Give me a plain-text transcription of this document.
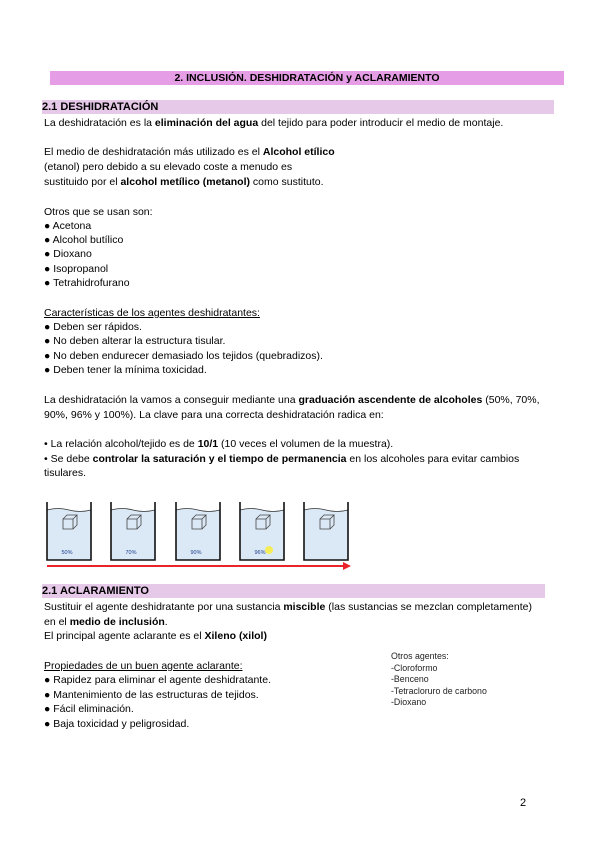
2. INCLUSIÓN. DESHIDRATACIÓN y ACLARAMIENTO
2.1 DESHIDRATACIÓN
La deshidratación es la eliminación del agua del tejido para poder introducir el medio de montaje.
El medio de deshidratación más utilizado es el Alcohol etílico
(etanol) pero debido a su elevado coste a menudo es
sustituido por el alcohol metílico (metanol) como sustituto.
Otros que se usan son:
● Acetona
● Alcohol butílico
● Dioxano
● Isopropanol
● Tetrahidrofurano
Características de los agentes deshidratantes:
● Deben ser rápidos.
● No deben alterar la estructura tisular.
● No deben endurecer demasiado los tejidos (quebradizos).
● Deben tener la mínima toxicidad.
La deshidratación la vamos a conseguir mediante una graduación ascendente de alcoholes (50%, 70%,
90%, 96% y 100%). La clave para una correcta deshidratación radica en:
• La relación alcohol/tejido es de 10/1 (10 veces el volumen de la muestra).
• Se debe controlar la saturación y el tiempo de permanencia en los alcoholes para evitar cambios
tisulares.
50%	70%	90%	96%
2.1 ACLARAMIENTO
Sustituir el agente deshidratante por una sustancia miscible (las sustancias se mezclan completamente)
en el medio de inclusión.
El principal agente aclarante es el Xileno (xilol)
Propiedades de un buen agente aclarante:
● Rapidez para eliminar el agente deshidratante.
● Mantenimiento de las estructuras de tejidos.
● Fácil eliminación.
● Baja toxicidad y peligrosidad.
Otros agentes:
-Cloroformo
-Benceno
-Tetracloruro de carbono
-Dioxano
2
